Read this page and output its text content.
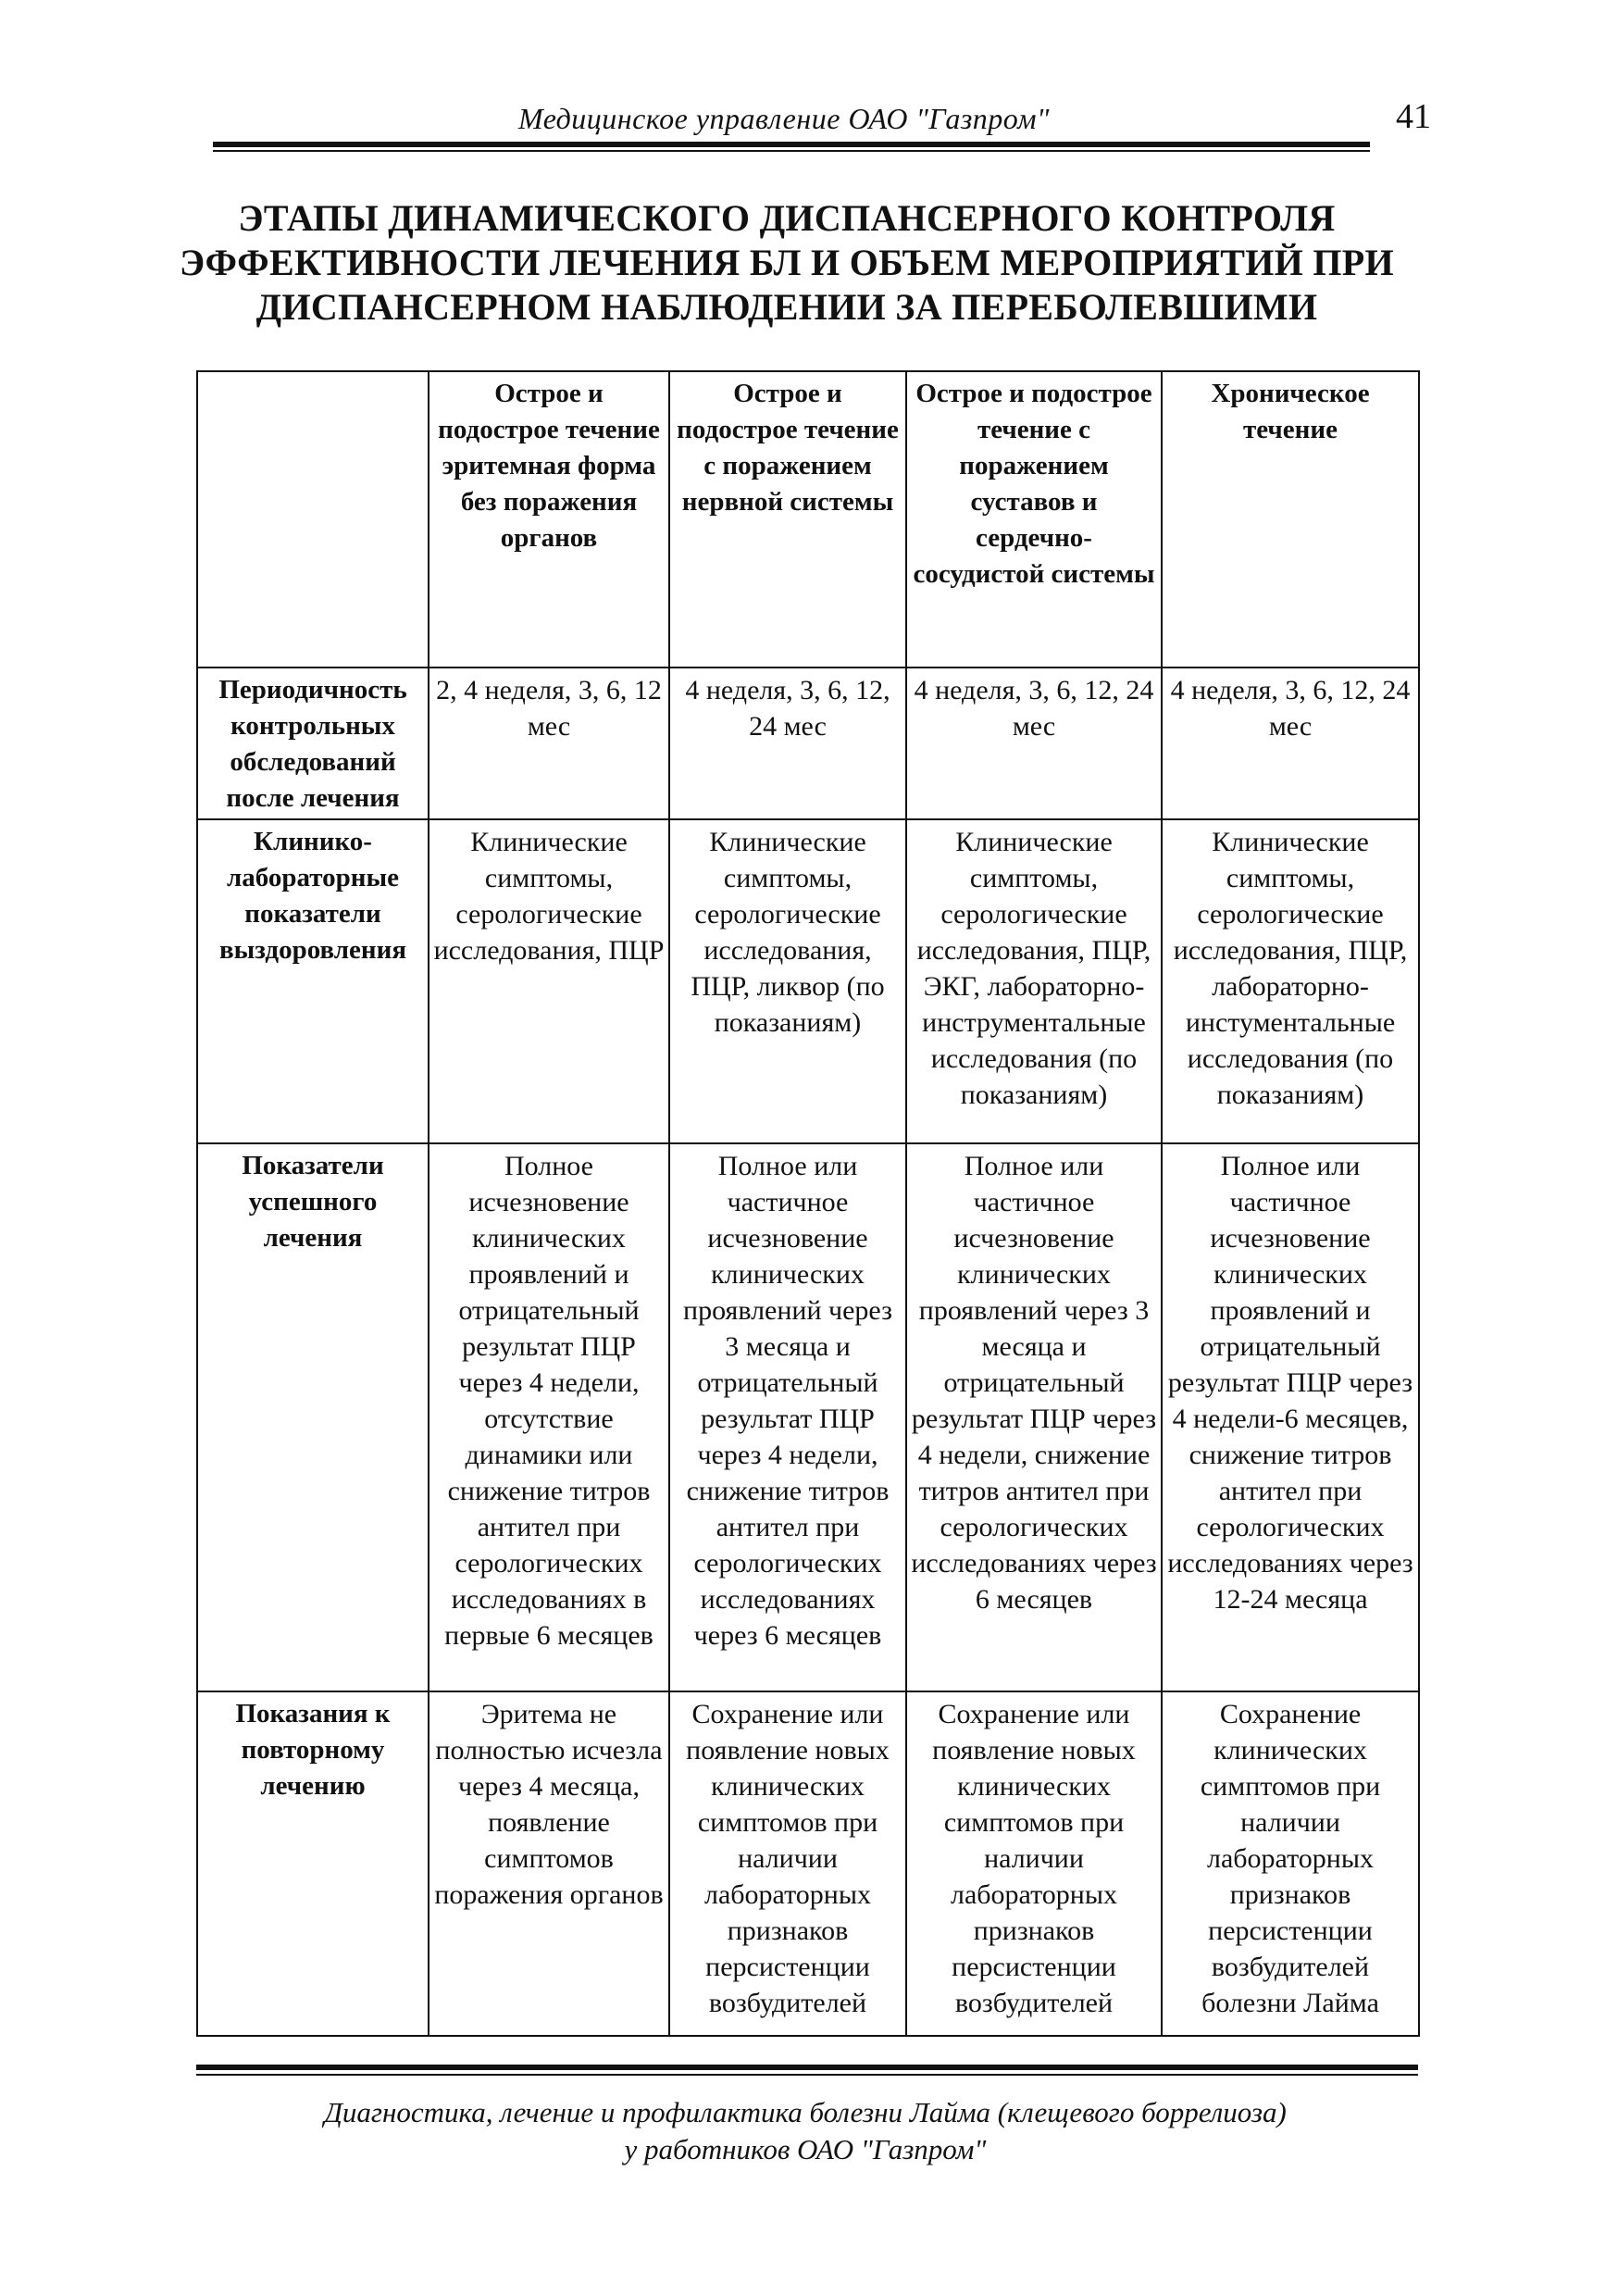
Медицинское управление ОАО "Газпром"	41
ЭТАПЫ ДИНАМИЧЕСКОГО ДИСПАНСЕРНОГО КОНТРОЛЯ
ЭФФЕКТИВНОСТИ ЛЕЧЕНИЯ БЛ И ОБЪЕМ МЕРОПРИЯТИЙ ПРИ
ДИСПАНСЕРНОМ НАБЛЮДЕНИИ ЗА ПЕРЕБОЛЕВШИМИ
	Острое и подострое течение эритемная форма без поражения органов	Острое и подострое течение с поражением нервной системы	Острое и подострое течение с поражением суставов и сердечно-сосудистой системы	Хроническое течение
Периодичность контрольных обследований после лечения	2, 4 неделя, 3, 6, 12 мес	4 неделя, 3, 6, 12, 24 мес	4 неделя, 3, 6, 12, 24 мес	4 неделя, 3, 6, 12, 24 мес
Клинико-лабораторные показатели выздоровления	Клинические симптомы, серологические исследования, ПЦР	Клинические симптомы, серологические исследования, ПЦР, ликвор (по показаниям)	Клинические симптомы, серологические исследования, ПЦР, ЭКГ, лабораторно-инструментальные исследования (по показаниям)	Клинические симптомы, серологические исследования, ПЦР, лабораторно-инстументальные исследования (по показаниям)
Показатели успешного лечения	Полное исчезновение клинических проявлений и отрицательный результат ПЦР через 4 недели, отсутствие динамики или снижение титров антител при серологических исследованиях в первые 6 месяцев	Полное или частичное исчезновение клинических проявлений через 3 месяца и отрицательный результат ПЦР через 4 недели, снижение титров антител при серологических исследованиях через 6 месяцев	Полное или частичное исчезновение клинических проявлений через 3 месяца и отрицательный результат ПЦР через 4 недели, снижение титров антител при серологических исследованиях через 6 месяцев	Полное или частичное исчезновение клинических проявлений и отрицательный результат ПЦР через 4 недели-6 месяцев, снижение титров антител при серологических исследованиях через 12-24 месяца
Показания к повторному лечению	Эритема не полностью исчезла через 4 месяца, появление симптомов поражения органов	Сохранение или появление новых клинических симптомов при наличии лабораторных признаков персистенции возбудителей	Сохранение или появление новых клинических симптомов при наличии лабораторных признаков персистенции возбудителей	Сохранение клинических симптомов при наличии лабораторных признаков персистенции возбудителей болезни Лайма
Диагностика, лечение и профилактика болезни Лайма (клещевого боррелиоза)
у работников ОАО "Газпром"
